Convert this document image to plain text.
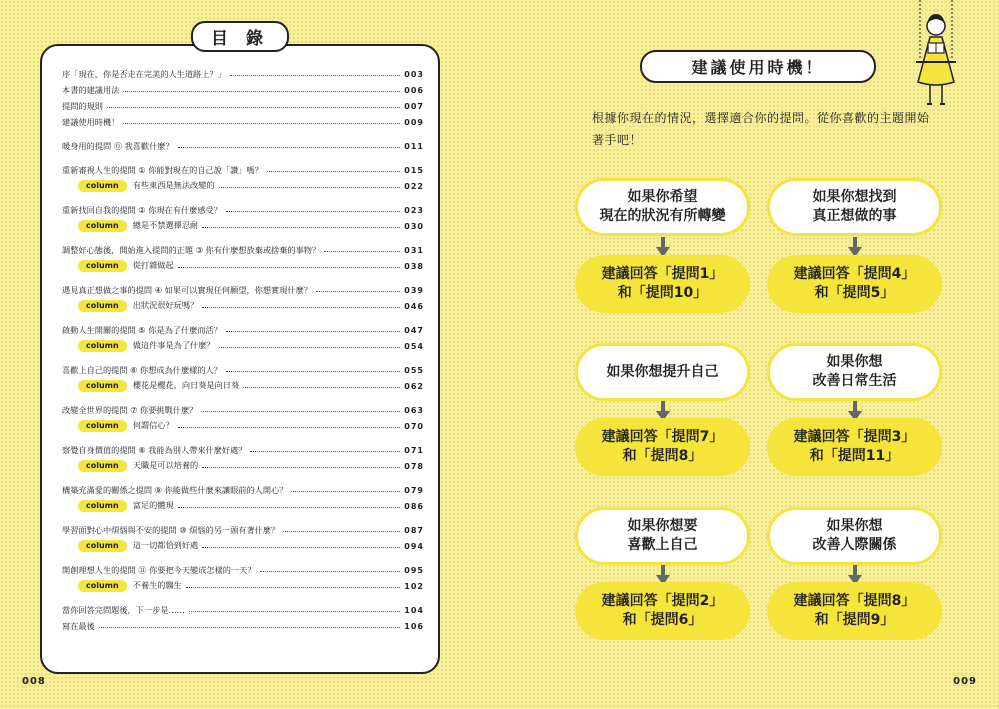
目 錄
序「現在，你是否走在完美的人生道路上？」	003
本書的建議用法	006
提問的規則	007
建議使用時機！	009
暖身用的提問 ⓪ 我喜歡什麼？	011
重新審視人生的提問 ① 你能對現在的自己說「讚」嗎？	015
column 有些東西是無法改變的	022
重新找回自我的提問 ② 你現在有什麼感受？	023
column 總是不禁選擇忍耐	030
調整好心態後，開始進入提問的正題 ③ 你有什麼想放棄或捨棄的事物？	031
column 從打雜做起	038
遇見真正想做之事的提問 ④ 如果可以實現任何願望，你想實現什麼？	039
column 出狀況很好玩嗎？	046
啟動人生開關的提問 ⑤ 你是為了什麼而活？	047
column 做這件事是為了什麼？	054
喜歡上自己的提問 ⑥ 你想成為什麼樣的人？	055
column 櫻花是櫻花，向日葵是向日葵	062
改變全世界的提問 ⑦ 你要挑戰什麼？	063
column 何謂信心？	070
察覺自身價值的提問 ⑧ 我能為別人帶來什麼好處？	071
column 天職是可以培養的	078
構築充滿愛的關係之提問 ⑨ 你能做些什麼來讓眼前的人開心？	079
column 富足的體現	086
學習面對心中煩惱與不安的提問 ⑩ 煩惱的另一頭有著什麼？	087
column 這一切都恰到好處	094
開創理想人生的提問 ⑪ 你要把今天變成怎樣的一天？	095
column 不養生的醫生	102
當你回答完問題後，下一步是……	104
寫在最後	106
008
建議使用時機！
根據你現在的情況，選擇適合你的提問。從你喜歡的主題開始著手吧！
如果你希望
現在的狀況有所轉變
建議回答「提問1」
和「提問10」
如果你想找到
真正想做的事
建議回答「提問4」
和「提問5」
如果你想提升自己
建議回答「提問7」
和「提問8」
如果你想
改善日常生活
建議回答「提問3」
和「提問11」
如果你想要
喜歡上自己
建議回答「提問2」
和「提問6」
如果你想
改善人際關係
建議回答「提問8」
和「提問9」
009
